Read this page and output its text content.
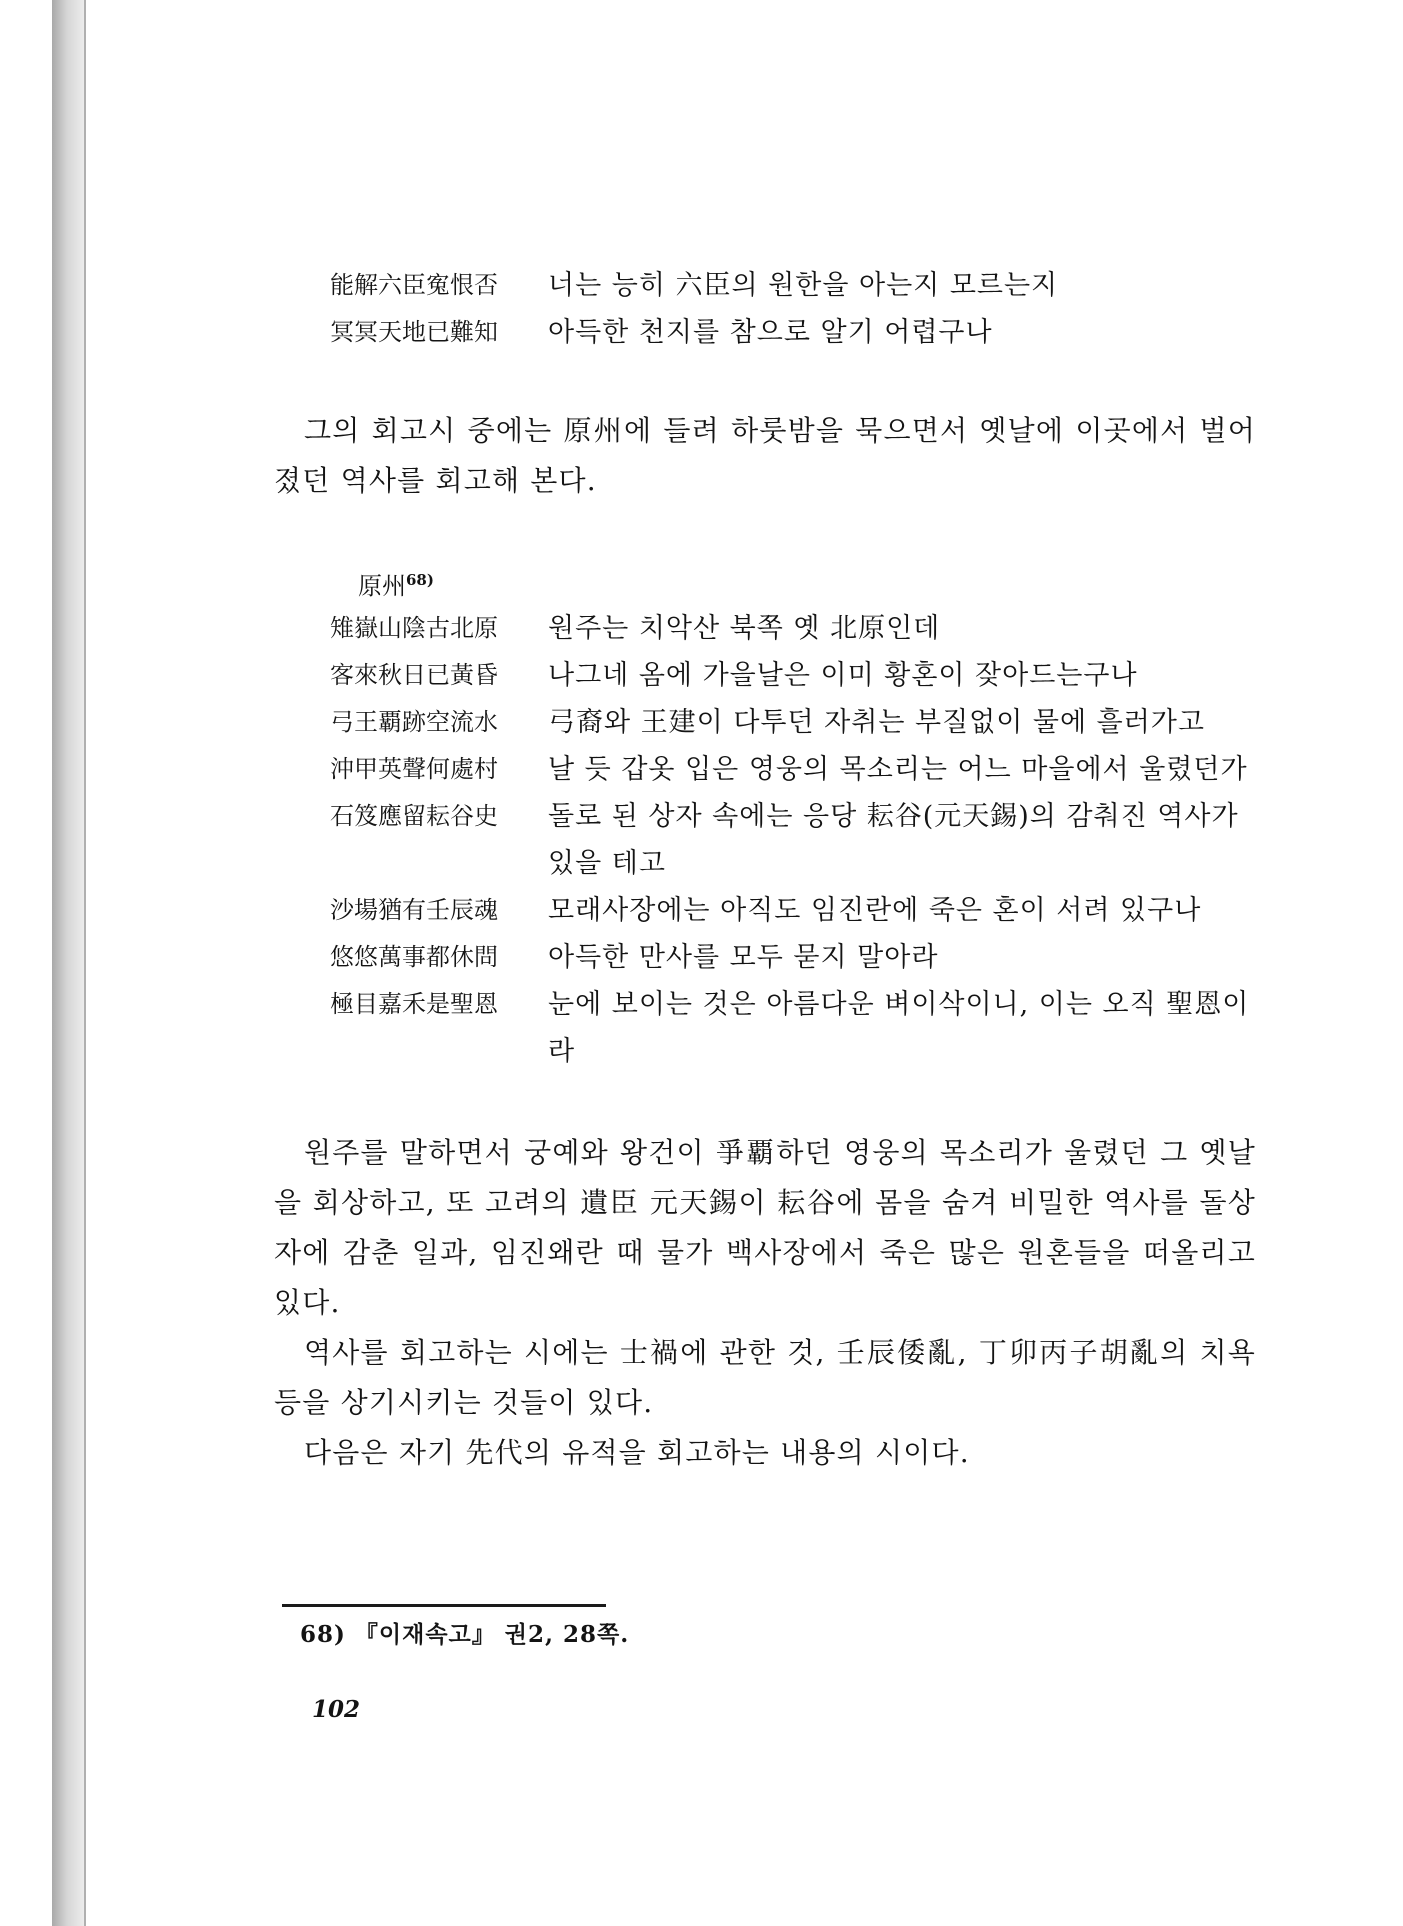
能解六臣寃恨否	너는 능히 六臣의 원한을 아는지 모르는지
冥冥天地已難知	아득한 천지를 참으로 알기 어렵구나

그의 회고시 중에는 原州에 들려 하룻밤을 묵으면서 옛날에 이곳에서 벌어졌던 역사를 회고해 본다.

原州$^{68)}$
雉嶽山陰古北原	원주는 치악산 북쪽 옛 北原인데
客來秋日已黃昏	나그네 옴에 가을날은 이미 황혼이 잦아드는구나
弓王覇跡空流水	弓裔와 王建이 다투던 자취는 부질없이 물에 흘러가고
沖甲英聲何處村	날 듯 갑옷 입은 영웅의 목소리는 어느 마을에서 울렸던가
石笈應留耘谷史	돌로 된 상자 속에는 응당 耘谷(元天錫)의 감춰진 역사가 있을 테고
沙場猶有壬辰魂	모래사장에는 아직도 임진란에 죽은 혼이 서려 있구나
悠悠萬事都休問	아득한 만사를 모두 묻지 말아라
極目嘉禾是聖恩	눈에 보이는 것은 아름다운 벼이삭이니, 이는 오직 聖恩이라

원주를 말하면서 궁예와 왕건이 爭覇하던 영웅의 목소리가 울렸던 그 옛날을 회상하고, 또 고려의 遺臣 元天錫이 耘谷에 몸을 숨겨 비밀한 역사를 돌상자에 감춘 일과, 임진왜란 때 물가 백사장에서 죽은 많은 원혼들을 떠올리고 있다.

역사를 회고하는 시에는 士禍에 관한 것, 壬辰倭亂, 丁卯丙子胡亂의 치욕 등을 상기시키는 것들이 있다.

다음은 자기 先代의 유적을 회고하는 내용의 시이다.

68) 『이재속고』 권2, 28쪽.
102
